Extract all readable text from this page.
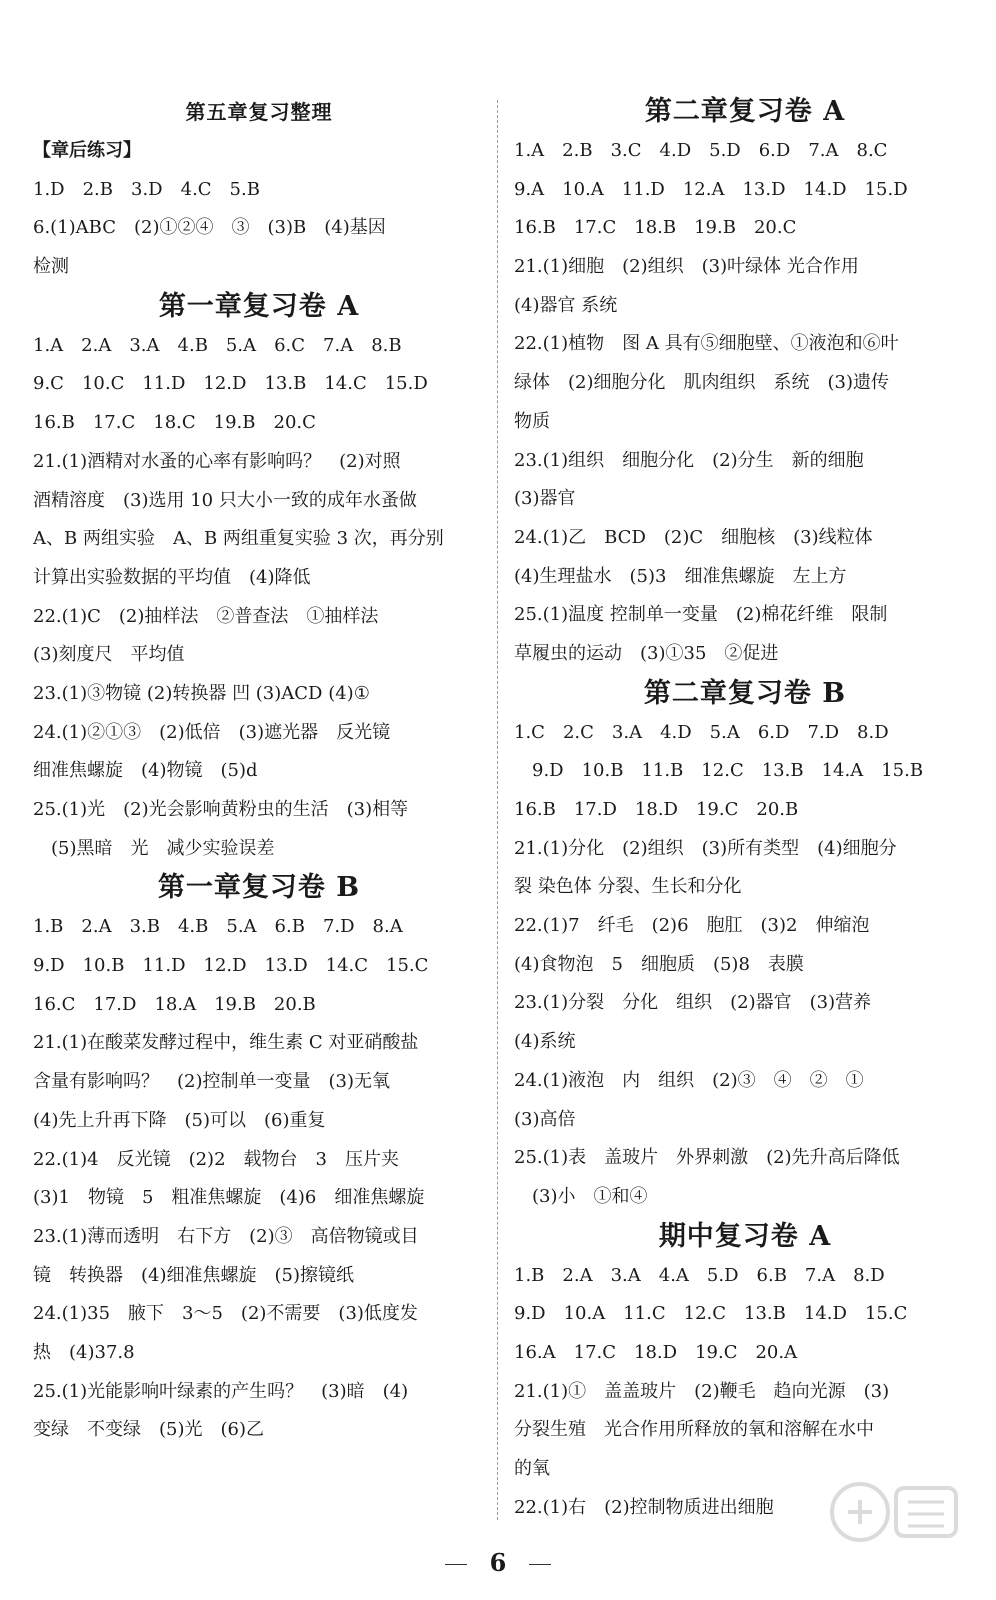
第五章复习整理
【章后练习】
1.D　2.B　3.D　4.C　5.B
6.(1)ABC　(2)①②④　③　(3)B　(4)基因
检测
第一章复习卷 A
1.A　2.A　3.A　4.B　5.A　6.C　7.A　8.B
9.C　10.C　11.D　12.D　13.B　14.C　15.D
16.B　17.C　18.C　19.B　20.C
21.(1)酒精对水蚤的心率有影响吗？　(2)对照
酒精溶度　(3)选用 10 只大小一致的成年水蚤做
A、B 两组实验　A、B 两组重复实验 3 次，再分别
计算出实验数据的平均值　(4)降低
22.(1)C　(2)抽样法　②普查法　①抽样法
(3)刻度尺　平均值
23.(1)③物镜 (2)转换器 凹 (3)ACD (4)①
24.(1)②①③　(2)低倍　(3)遮光器　反光镜
细准焦螺旋　(4)物镜　(5)d
25.(1)光　(2)光会影响黄粉虫的生活　(3)相等
　(5)黑暗　光　减少实验误差
第一章复习卷 B
1.B　2.A　3.B　4.B　5.A　6.B　7.D　8.A
9.D　10.B　11.D　12.D　13.D　14.C　15.C
16.C　17.D　18.A　19.B　20.B
21.(1)在酸菜发酵过程中，维生素 C 对亚硝酸盐
含量有影响吗？　(2)控制单一变量　(3)无氧
(4)先上升再下降　(5)可以　(6)重复
22.(1)4　反光镜　(2)2　载物台　3　压片夹
(3)1　物镜　5　粗准焦螺旋　(4)6　细准焦螺旋
23.(1)薄而透明　右下方　(2)③　高倍物镜或目
镜　转换器　(4)细准焦螺旋　(5)擦镜纸
24.(1)35　腋下　3～5　(2)不需要　(3)低度发
热　(4)37.8
25.(1)光能影响叶绿素的产生吗？　(3)暗　(4)
变绿　不变绿　(5)光　(6)乙
第二章复习卷 A
1.A　2.B　3.C　4.D　5.D　6.D　7.A　8.C
9.A　10.A　11.D　12.A　13.D　14.D　15.D
16.B　17.C　18.B　19.B　20.C
21.(1)细胞　(2)组织　(3)叶绿体 光合作用
(4)器官 系统
22.(1)植物　图 A 具有⑤细胞壁、①液泡和⑥叶
绿体　(2)细胞分化　肌肉组织　系统　(3)遗传
物质
23.(1)组织　细胞分化　(2)分生　新的细胞
(3)器官
24.(1)乙　BCD　(2)C　细胞核　(3)线粒体
(4)生理盐水　(5)3　细准焦螺旋　左上方
25.(1)温度 控制单一变量　(2)棉花纤维　限制
草履虫的运动　(3)①35　②促进
第二章复习卷 B
1.C　2.C　3.A　4.D　5.A　6.D　7.D　8.D
　9.D　10.B　11.B　12.C　13.B　14.A　15.B
16.B　17.D　18.D　19.C　20.B
21.(1)分化　(2)组织　(3)所有类型　(4)细胞分
裂 染色体 分裂、生长和分化
22.(1)7　纤毛　(2)6　胞肛　(3)2　伸缩泡
(4)食物泡　5　细胞质　(5)8　表膜
23.(1)分裂　分化　组织　(2)器官　(3)营养
(4)系统
24.(1)液泡　内　组织　(2)③　④　②　①
(3)高倍
25.(1)表　盖玻片　外界刺激　(2)先升高后降低
　(3)小　①和④
期中复习卷 A
1.B　2.A　3.A　4.A　5.D　6.B　7.A　8.D
9.D　10.A　11.C　12.C　13.B　14.D　15.C
16.A　17.C　18.D　19.C　20.A
21.(1)①　盖盖玻片　(2)鞭毛　趋向光源　(3)
分裂生殖　光合作用所释放的氧和溶解在水中
的氧
22.(1)右　(2)控制物质进出细胞
6
